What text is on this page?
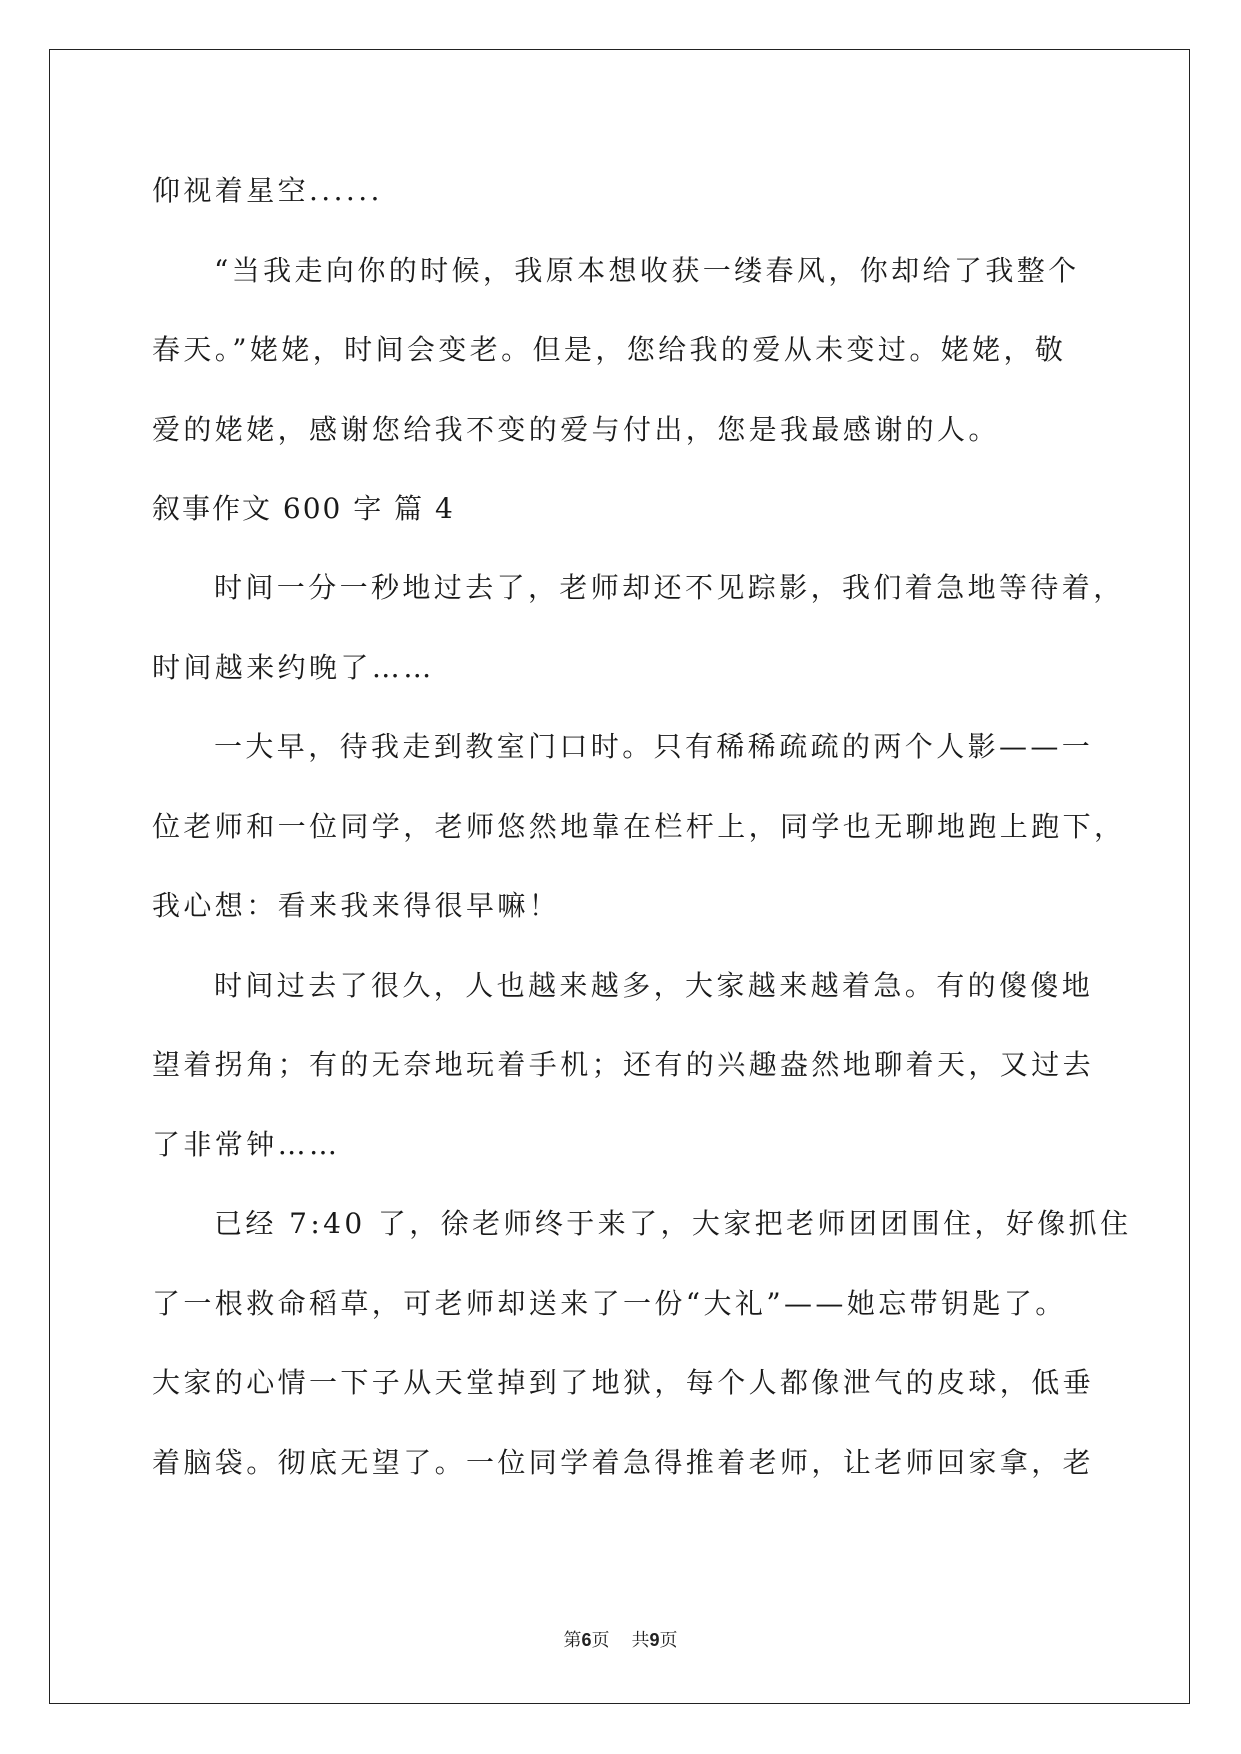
仰视着星空......
“当我走向你的时候，我原本想收获一缕春风，你却给了我整个
春天。”姥姥，时间会变老。但是，您给我的爱从未变过。姥姥，敬
爱的姥姥，感谢您给我不变的爱与付出，您是我最感谢的人。
叙事作文 600 字 篇 4
时间一分一秒地过去了，老师却还不见踪影，我们着急地等待着，
时间越来约晚了……
一大早，待我走到教室门口时。只有稀稀疏疏的两个人影——一
位老师和一位同学，老师悠然地靠在栏杆上，同学也无聊地跑上跑下，
我心想：看来我来得很早嘛！
时间过去了很久，人也越来越多，大家越来越着急。有的傻傻地
望着拐角；有的无奈地玩着手机；还有的兴趣盎然地聊着天，又过去
了非常钟……
已经 7:40 了，徐老师终于来了，大家把老师团团围住，好像抓住
了一根救命稻草，可老师却送来了一份“大礼”——她忘带钥匙了。
大家的心情一下子从天堂掉到了地狱，每个人都像泄气的皮球，低垂
着脑袋。彻底无望了。一位同学着急得推着老师，让老师回家拿，老
第6页 共9页
